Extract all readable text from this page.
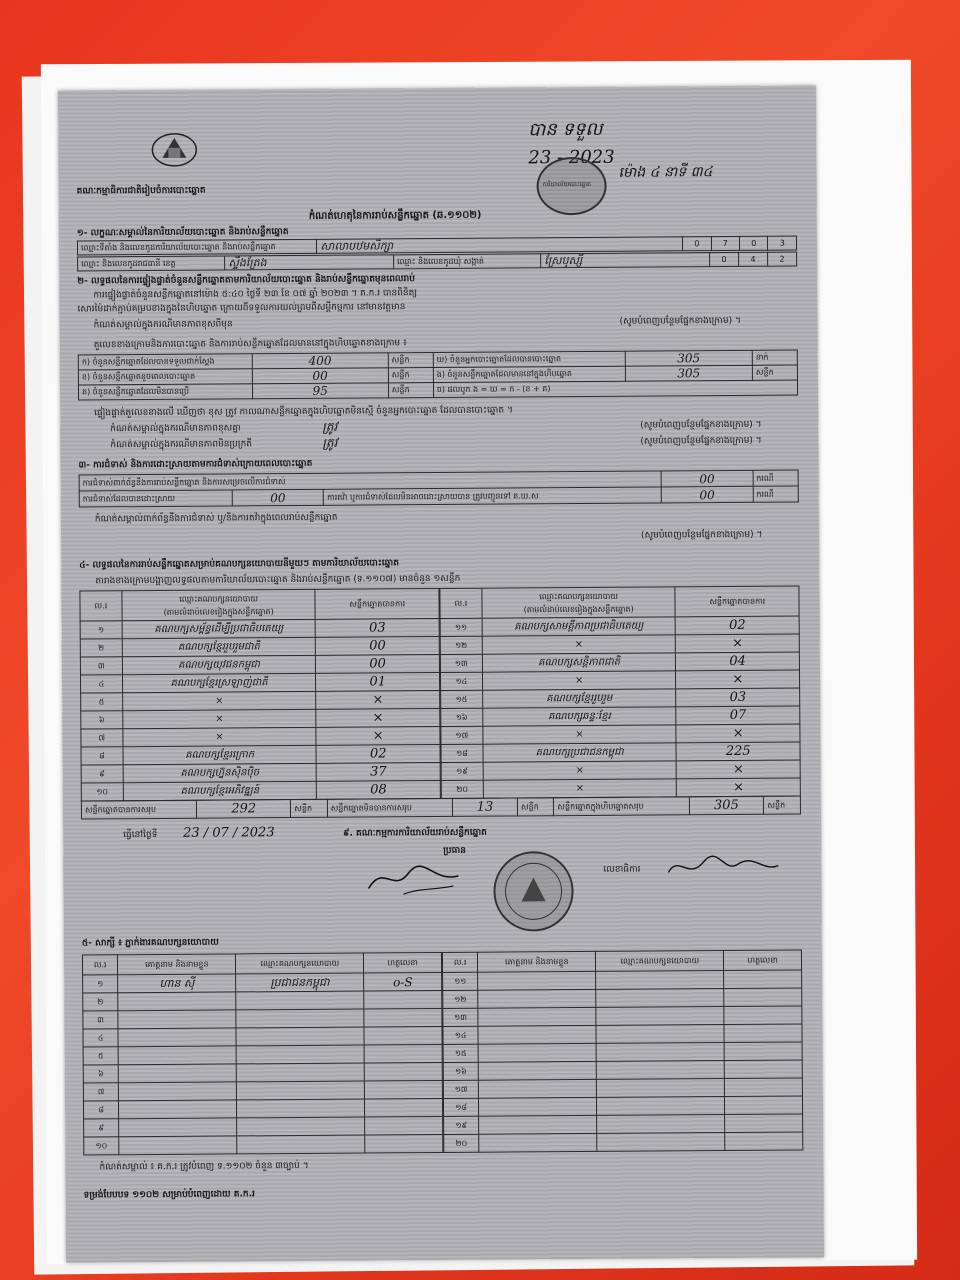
គណៈកម្មាធិការជាតិរៀបចំការបោះឆ្នោត
បាន ទទួល
23 - 2023
ការិយាល័យបោះឆ្នោត
ម៉ោង ៤ នាទី ៣៤
កំណត់ហេតុនៃការរាប់សន្លឹកឆ្នោត (ឆ.១១០២)
១- លក្ខណៈសម្គាល់នៃការិយាល័យបោះឆ្នោត និងរាប់សន្លឹកឆ្នោត
ឈ្មោះទីតាំង និងលេខកូដការិយាល័យបោះឆ្នោត និងរាប់សន្លឹកឆ្នោត	សាលាបឋមសិក្សា	0	7	0	3
ឈ្មោះ និងលេខកូដរាជធានី ខេត្ត	ស្ទឹងត្រែង	ឈ្មោះ និងលេខកូដឃុំ សង្កាត់	ស្រែឫស្សី	0	4	2
២- លទ្ធផលនៃការផ្ទៀងផ្ទាត់ចំនួនសន្លឹកឆ្នោតតាមការិយាល័យបោះឆ្នោត និងរាប់សន្លឹកឆ្នោតមុនពេលរាប់
ការផ្ទៀងផ្ទាត់ចំនួនសន្លឹកឆ្នោតនៅម៉ោង ៥:៤០ ថ្ងៃទី ២៣ ខែ ០៧ ឆ្នាំ ២០២៣ ។ គ.ក.រ បានពិនិត្យ
សោរម៉ៃដាក់ភ្ជាប់គម្របខាងក្នុងនៃហិបឆ្នោត ក្រោយពីទទួលការយល់ព្រមពីសម្តីកម្មការ នៅមានវត្តមាន
កំណត់សម្គាល់ក្នុងករណីមានភាពខុសពីមុន	(សូមបំពេញបន្ថែមផ្នែកខាងក្រោម) ។
តួលេខខាងក្រោមនិងការបោះឆ្នោត និងការរាប់សន្លឹកឆ្នោតដែលមាននៅក្នុងហិបឆ្នោតខាងក្រោម ៖
ក) ចំនួនសន្លឹកឆ្នោតដែលបានទទួលជាក់ស្តែង	400	សន្លឹក	ឃ) ចំនួនអ្នកបោះឆ្នោតដែលបានបោះឆ្នោត	305	នាក់
ខ) ចំនួនសន្លឹកឆ្នោតខូចពេលបោះឆ្នោត	00	សន្លឹក	ង) ចំនួនសន្លឹកឆ្នោតដែលមាននៅក្នុងហិបឆ្នោត	305	សន្លឹក
គ) ចំនួនសន្លឹកឆ្នោតដែលមិនបានប្រើ	95	សន្លឹក	ច) ផលបូក ង = ឃ = ក - (ខ + គ)		
ផ្ទៀងផ្ទាត់តួលេខខាងលើ ឃើញថា ខុស ត្រូវ កាលណាសន្លឹកឆ្នោតក្នុងហិបឆ្នោតមិនស្មើ ចំនួនអ្នកបោះឆ្នោត ដែលបានបោះឆ្នោត ។
កំណត់សម្គាល់ក្នុងករណីមានភាពខុសគ្នា	ត្រូវ	(សូមបំពេញបន្ថែមផ្នែកខាងក្រោម) ។
កំណត់សម្គាល់ក្នុងករណីមានភាពមិនប្រក្រតី	ត្រូវ	(សូមបំពេញបន្ថែមផ្នែកខាងក្រោម) ។
៣- ការជំទាស់ និងការដោះស្រាយតាមការជំទាស់ក្រោយពេលបោះឆ្នោត
ការជំទាស់ពាក់ព័ន្ធនឹងការរាប់សន្លឹកឆ្នោត និងការសម្រេចលើការជំទាស់			00	ករណី
ការជំទាស់ដែលបានដោះស្រាយ	00	ការតវ៉ា ឬការជំទាស់ដែលមិនអាចដោះស្រាយបាន ត្រូវបញ្ជូនទៅ គ.ឃ.ស	00	ករណី
កំណត់សម្គាល់ពាក់ព័ន្ធនឹងការជំទាស់ ឬ/និងការតវ៉ាក្នុងពេលរាប់សន្លឹកឆ្នោត
(សូមបំពេញបន្ថែមផ្នែកខាងក្រោម) ។
៤- លទ្ធផលនៃការរាប់សន្លឹកឆ្នោតសម្រាប់គណបក្សនយោបាយនីមួយៗ តាមការិយាល័យបោះឆ្នោត
តារាងខាងក្រោមបង្ហាញលទ្ធផលតាមការិយាល័យបោះឆ្នោត និងរាប់សន្លឹកឆ្នោត (ទ.១១០៧) មានចំនួន ១សន្លឹក
ល.រ	ឈ្មោះគណបក្សនយោបាយ
(តាមលំដាប់លេខរៀងក្នុងសន្លឹកឆ្នោត)	សន្លឹកឆ្នោតបានការ
១	គណបក្សសម្ព័ន្ធដើម្បីប្រជាធិបតេយ្យ	03
២	គណបក្សខ្មែររួបរួមជាតិ	00
៣	គណបក្សយុវជនកម្ពុជា	00
៤	គណបក្សខ្មែរស្រឡាញ់ជាតិ	01
៥	×	×
៦	×	×
៧	×	×
៨	គណបក្សខ្មែរក្រោក	02
៩	គណបក្សហ្វ៊ុនស៊ិនប៉ិច	37
១០	គណបក្សខ្មែរអភិវឌ្ឍន៍	08
ល.រ	ឈ្មោះគណបក្សនយោបាយ
(តាមលំដាប់លេខរៀងក្នុងសន្លឹកឆ្នោត)	សន្លឹកឆ្នោតបានការ
១១	គណបក្សសាមគ្គីភាពប្រជាធិបតេយ្យ	02
១២	×	×
១៣	គណបក្សសន្តិភាពជាតិ	04
១៤	×	×
១៥	គណបក្សខ្មែររួបរួម	03
១៦	គណបក្សឆន្ទៈខ្មែរ	07
១៧	×	×
១៨	គណបក្សប្រជាជនកម្ពុជា	225
១៩	×	×
២០	×	×
សន្លឹកឆ្នោតបានការសរុប	292	សន្លឹក	សន្លឹកឆ្នោតមិនបានការសរុប	13	សន្លឹក	សន្លឹកឆ្នោតក្នុងហិបឆ្នោតសរុប	305	សន្លឹក
ធ្វើនៅថ្ងៃទី 23 / 07 / 2023	៩. គណៈកម្មការការិយាល័យរាប់សន្លឹកឆ្នោត
ប្រធាន
លេខាធិការ
៥- សាក្សី ៖ ភ្នាក់ងារគណបក្សនយោបាយ
ល.រ	គោត្តនាម និងនាមខ្លួន	ឈ្មោះគណបក្សនយោបាយ	ហត្ថលេខា
១	ហាន ស៊ី	ប្រជាជនកម្ពុជា	o-S
២			
៣			
៤			
៥			
៦			
៧			
៨			
៩			
១០			
ល.រ	គោត្តនាម និងនាមខ្លួន	ឈ្មោះគណបក្សនយោបាយ	ហត្ថលេខា
១១			
១២			
១៣			
១៤			
១៥			
១៦			
១៧			
១៨			
១៩			
២០			
កំណត់សម្គាល់ ៖ គ.ក.រ ត្រូវបំពេញ ទ.១១០២ ចំនួន ៣ច្បាប់ ។
ទម្រង់បែបបទ ១១០២ សម្រាប់បំពេញដោយ គ.ក.រ
